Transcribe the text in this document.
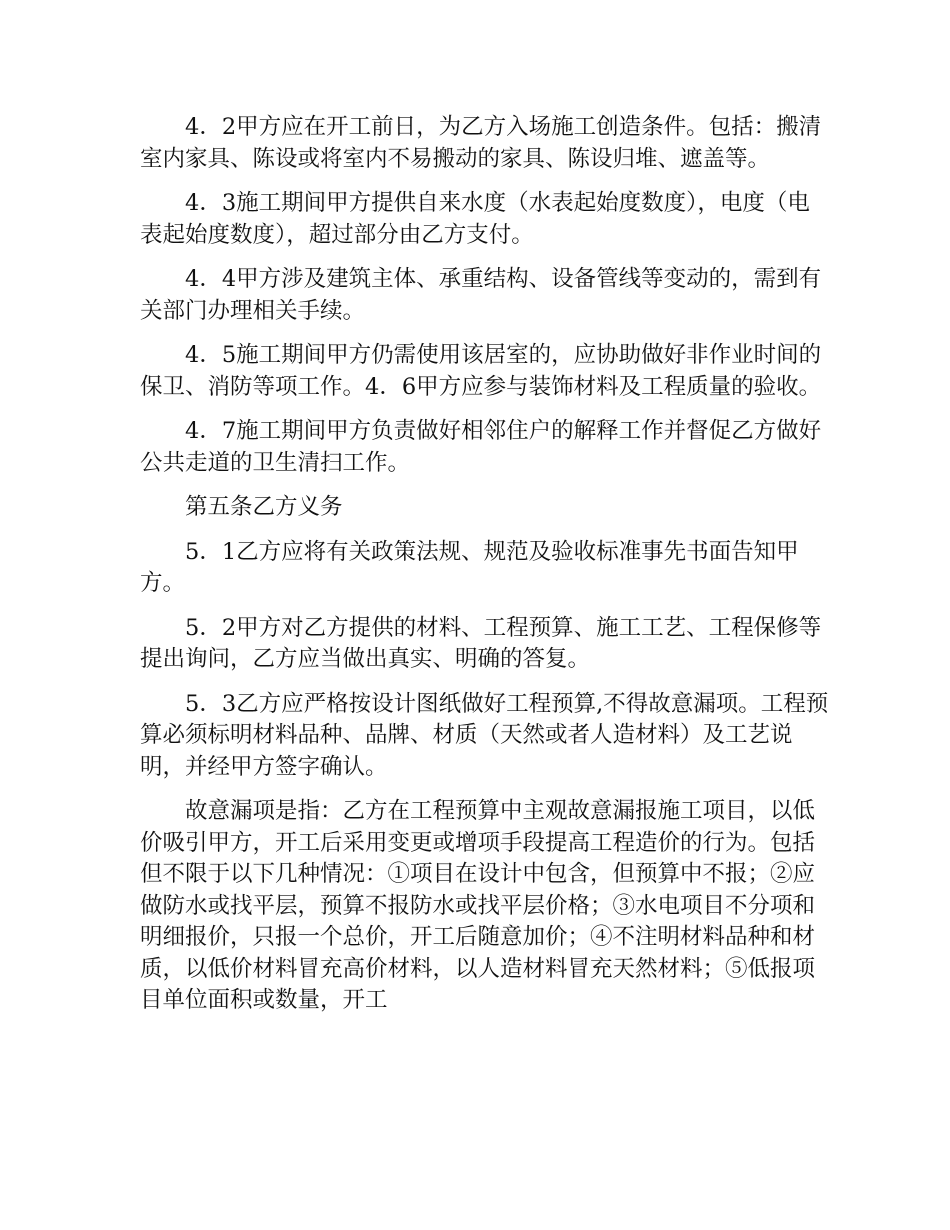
4．2甲方应在开工前日，为乙方入场施工创造条件。包括：搬清室内家具、陈设或将室内不易搬动的家具、陈设归堆、遮盖等。

4．3施工期间甲方提供自来水度（水表起始度数度），电度（电表起始度数度），超过部分由乙方支付。

4．4甲方涉及建筑主体、承重结构、设备管线等变动的，需到有关部门办理相关手续。

4．5施工期间甲方仍需使用该居室的，应协助做好非作业时间的保卫、消防等项工作。4．6甲方应参与装饰材料及工程质量的验收。

4．7施工期间甲方负责做好相邻住户的解释工作并督促乙方做好公共走道的卫生清扫工作。

第五条乙方义务

5．1乙方应将有关政策法规、规范及验收标准事先书面告知甲方。

5．2甲方对乙方提供的材料、工程预算、施工工艺、工程保修等提出询问，乙方应当做出真实、明确的答复。

5．3乙方应严格按设计图纸做好工程预算,不得故意漏项。工程预算必须标明材料品种、品牌、材质（天然或者人造材料）及工艺说明，并经甲方签字确认。

故意漏项是指：乙方在工程预算中主观故意漏报施工项目，以低价吸引甲方，开工后采用变更或增项手段提高工程造价的行为。包括但不限于以下几种情况：①项目在设计中包含，但预算中不报；②应做防水或找平层，预算不报防水或找平层价格；③水电项目不分项和明细报价，只报一个总价，开工后随意加价；④不注明材料品种和材质，以低价材料冒充高价材料，以人造材料冒充天然材料；⑤低报项目单位面积或数量，开工
